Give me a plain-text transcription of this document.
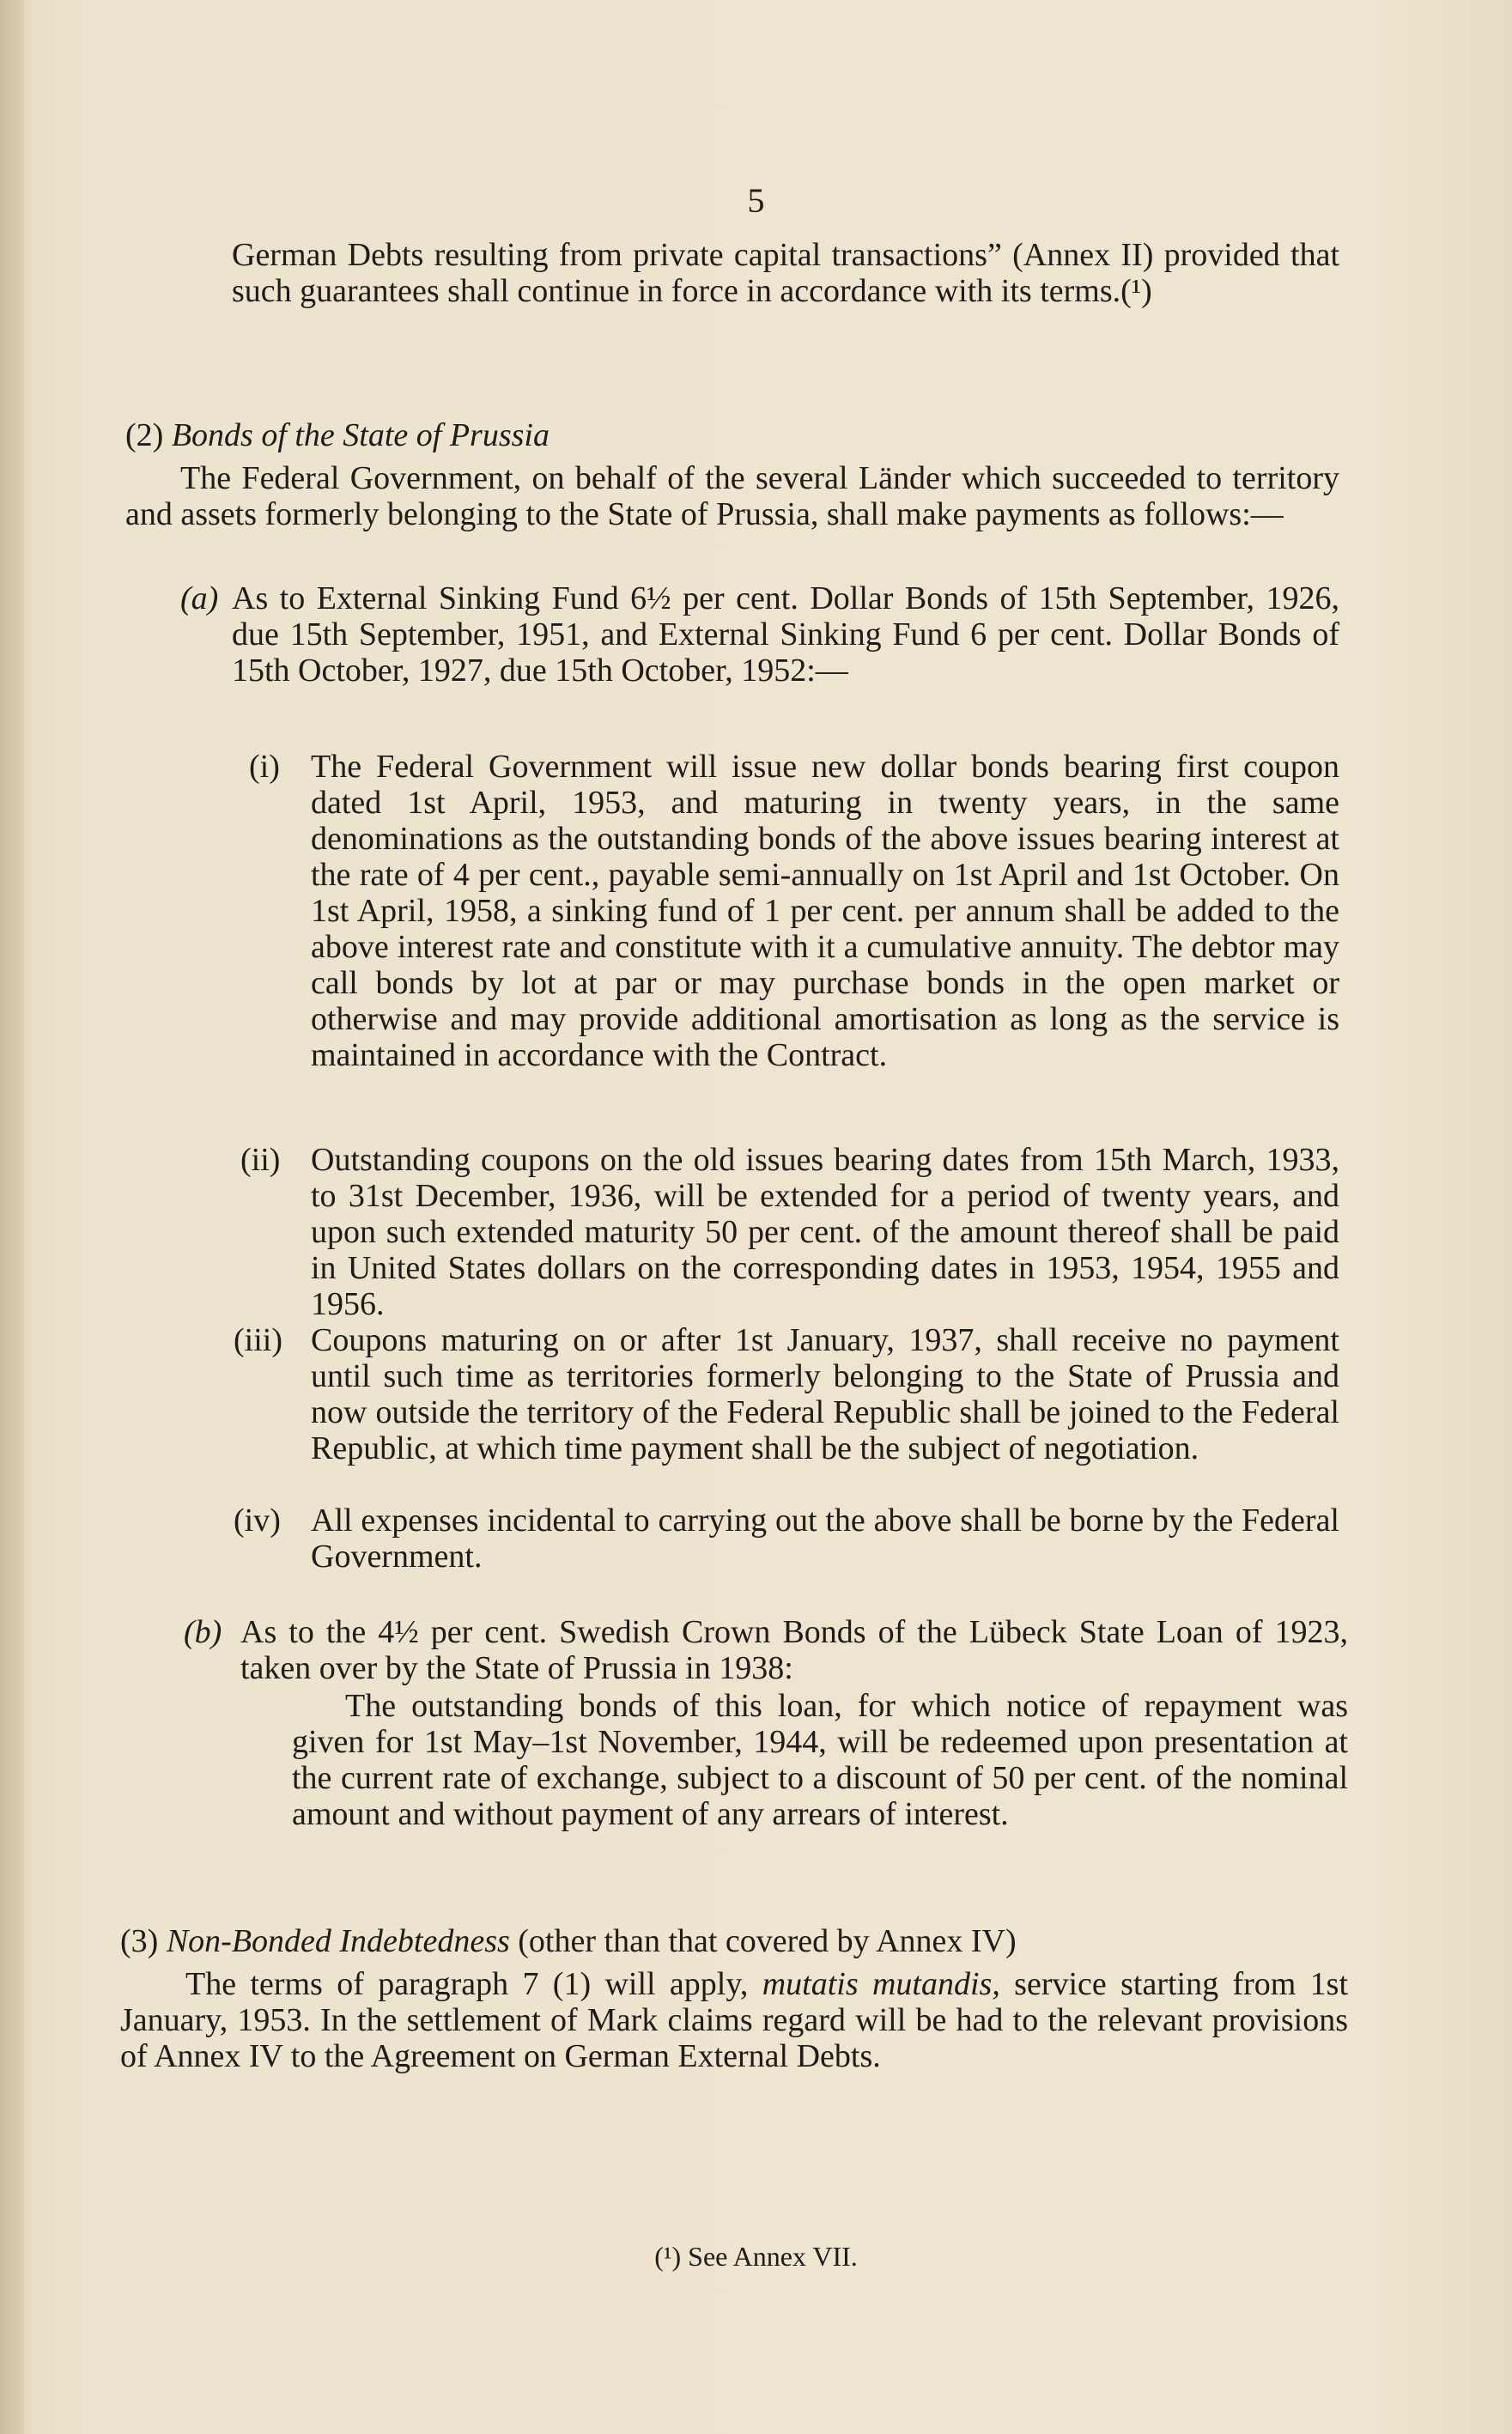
5
German Debts resulting from private capital transactions” (Annex II) provided that such guarantees shall continue in force in accordance with its terms.(¹)
(2) Bonds of the State of Prussia
The Federal Government, on behalf of the several Länder which succeeded to territory and assets formerly belonging to the State of Prussia, shall make payments as follows:—
(a) As to External Sinking Fund 6½ per cent. Dollar Bonds of 15th September, 1926, due 15th September, 1951, and External Sinking Fund 6 per cent. Dollar Bonds of 15th October, 1927, due 15th October, 1952:—
(i) The Federal Government will issue new dollar bonds bearing first coupon dated 1st April, 1953, and maturing in twenty years, in the same denominations as the outstanding bonds of the above issues bearing interest at the rate of 4 per cent., payable semi-annually on 1st April and 1st October. On 1st April, 1958, a sinking fund of 1 per cent. per annum shall be added to the above interest rate and constitute with it a cumulative annuity. The debtor may call bonds by lot at par or may purchase bonds in the open market or otherwise and may provide additional amortisation as long as the service is maintained in accordance with the Contract.
(ii) Outstanding coupons on the old issues bearing dates from 15th March, 1933, to 31st December, 1936, will be extended for a period of twenty years, and upon such extended maturity 50 per cent. of the amount thereof shall be paid in United States dollars on the corresponding dates in 1953, 1954, 1955 and 1956.
(iii) Coupons maturing on or after 1st January, 1937, shall receive no payment until such time as territories formerly belonging to the State of Prussia and now outside the territory of the Federal Republic shall be joined to the Federal Republic, at which time payment shall be the subject of negotiation.
(iv) All expenses incidental to carrying out the above shall be borne by the Federal Government.
(b) As to the 4½ per cent. Swedish Crown Bonds of the Lübeck State Loan of 1923, taken over by the State of Prussia in 1938:
The outstanding bonds of this loan, for which notice of repayment was given for 1st May–1st November, 1944, will be redeemed upon presentation at the current rate of exchange, subject to a discount of 50 per cent. of the nominal amount and without payment of any arrears of interest.
(3) Non-Bonded Indebtedness (other than that covered by Annex IV)
The terms of paragraph 7 (1) will apply, mutatis mutandis, service starting from 1st January, 1953. In the settlement of Mark claims regard will be had to the relevant provisions of Annex IV to the Agreement on German External Debts.
(¹) See Annex VII.
